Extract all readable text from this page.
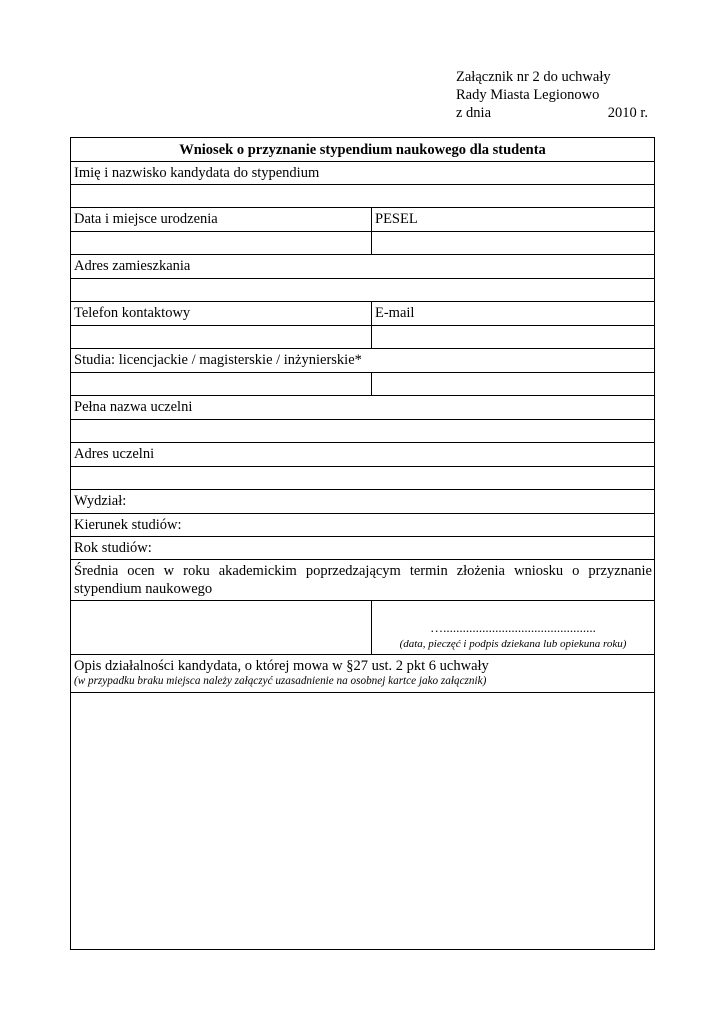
Załącznik nr 2 do uchwały
Rady Miasta Legionowo
z dnia	2010 r.
Wniosek o przyznanie stypendium naukowego dla studenta
Imię i nazwisko kandydata do stypendium
Data i miejsce urodzenia	PESEL
Adres zamieszkania
Telefon kontaktowy	E-mail
Studia: licencjackie / magisterskie / inżynierskie*
Pełna nazwa uczelni
Adres uczelni
Wydział:
Kierunek studiów:
Rok studiów:
Średnia ocen w roku akademickim poprzedzającym termin złożenia wniosku o przyznanie stypendium naukowego
…...............................................
(data, pieczęć i podpis dziekana lub opiekuna roku)
Opis działalności kandydata, o której mowa w §27 ust. 2 pkt 6 uchwały
(w przypadku braku miejsca należy załączyć uzasadnienie na osobnej kartce jako załącznik)
